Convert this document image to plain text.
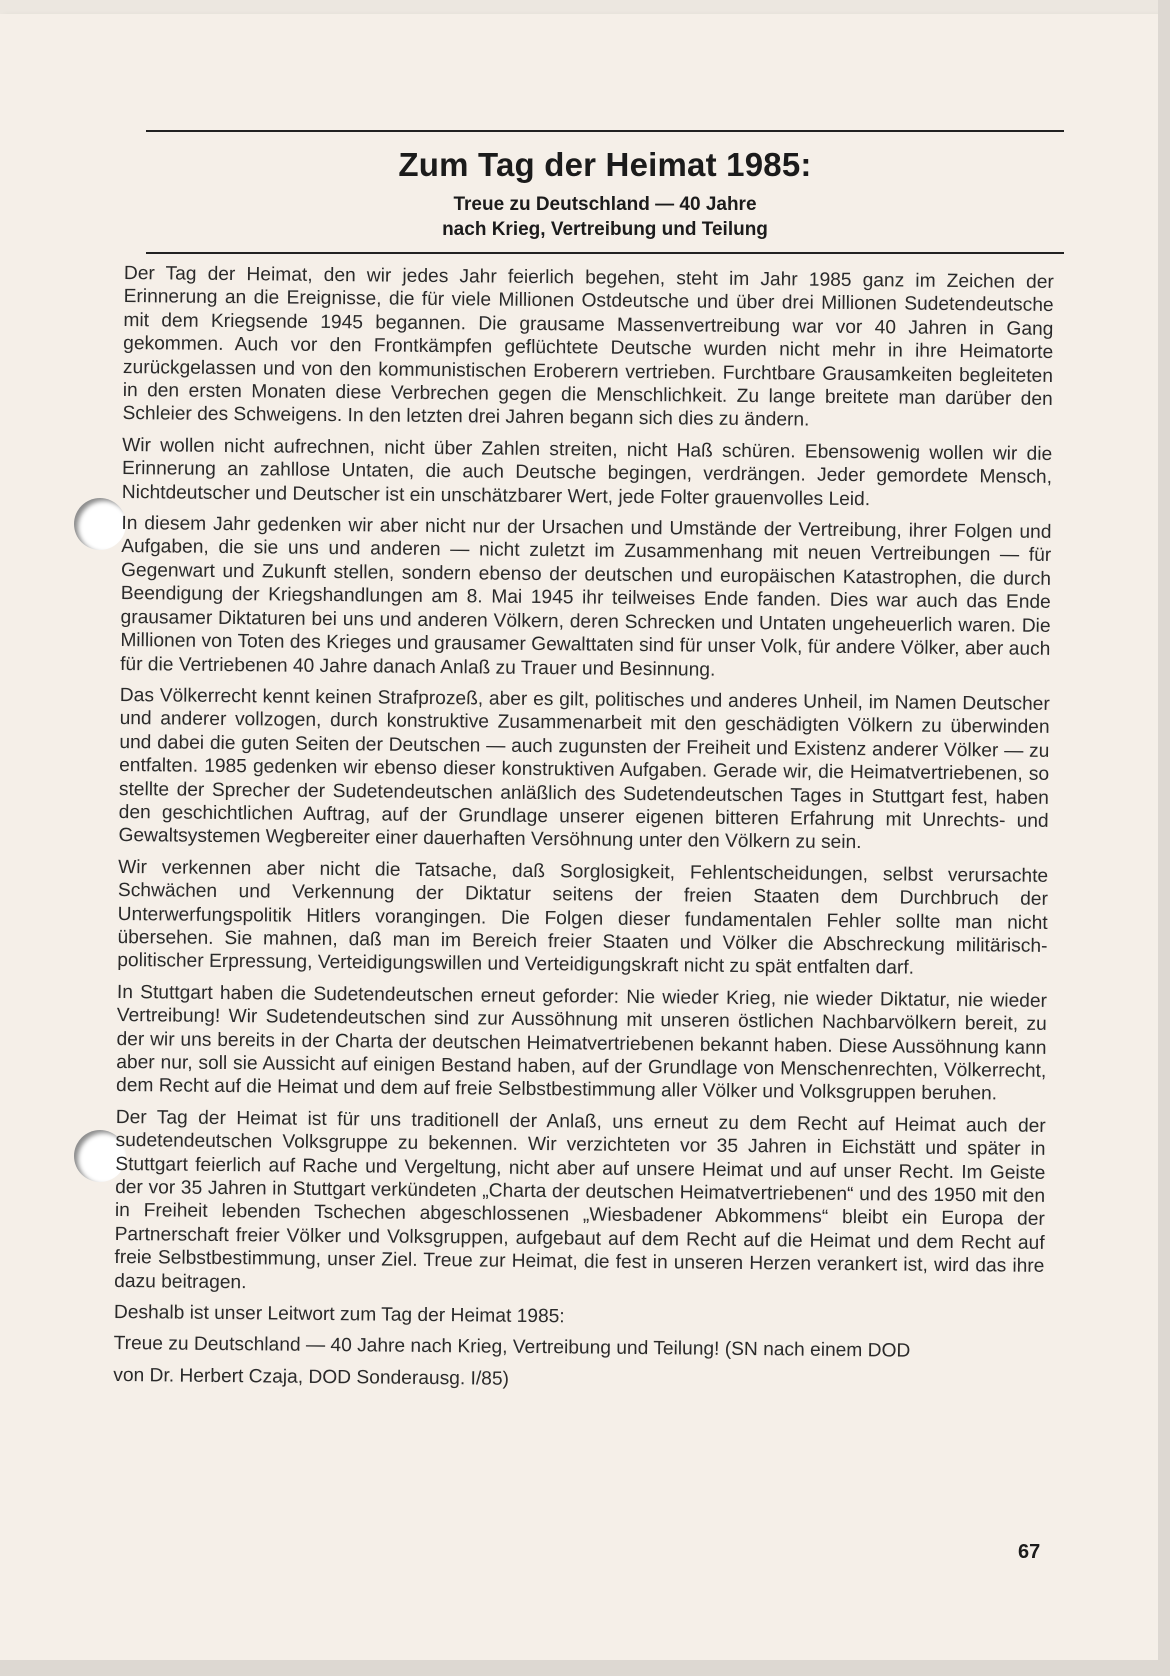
Zum Tag der Heimat 1985:
Treue zu Deutschland — 40 Jahre
nach Krieg, Vertreibung und Teilung

Der Tag der Heimat, den wir jedes Jahr feierlich begehen, steht im Jahr 1985 ganz im Zeichen der Erinnerung an die Ereignisse, die für viele Millionen Ostdeutsche und über drei Millionen Sudetendeutsche mit dem Kriegsende 1945 begannen. Die grausame Massenvertreibung war vor 40 Jahren in Gang gekommen. Auch vor den Frontkämpfen geflüchtete Deutsche wurden nicht mehr in ihre Heimatorte zurückgelassen und von den kommunistischen Eroberern vertrieben. Furchtbare Grausamkeiten begleiteten in den ersten Monaten diese Verbrechen gegen die Menschlichkeit. Zu lange breitete man darüber den Schleier des Schweigens. In den letzten drei Jahren begann sich dies zu ändern.

Wir wollen nicht aufrechnen, nicht über Zahlen streiten, nicht Haß schüren. Ebensowenig wollen wir die Erinnerung an zahllose Untaten, die auch Deutsche begingen, verdrängen. Jeder gemordete Mensch, Nichtdeutscher und Deutscher ist ein unschätzbarer Wert, jede Folter grauenvolles Leid.

In diesem Jahr gedenken wir aber nicht nur der Ursachen und Umstände der Vertreibung, ihrer Folgen und Aufgaben, die sie uns und anderen — nicht zuletzt im Zusammenhang mit neuen Vertreibungen — für Gegenwart und Zukunft stellen, sondern ebenso der deutschen und europäischen Katastrophen, die durch Beendigung der Kriegshandlungen am 8. Mai 1945 ihr teilweises Ende fanden. Dies war auch das Ende grausamer Diktaturen bei uns und anderen Völkern, deren Schrecken und Untaten ungeheuerlich waren. Die Millionen von Toten des Krieges und grausamer Gewalttaten sind für unser Volk, für andere Völker, aber auch für die Vertriebenen 40 Jahre danach Anlaß zu Trauer und Besinnung.

Das Völkerrecht kennt keinen Strafprozeß, aber es gilt, politisches und anderes Unheil, im Namen Deutscher und anderer vollzogen, durch konstruktive Zusammenarbeit mit den geschädigten Völkern zu überwinden und dabei die guten Seiten der Deutschen — auch zugunsten der Freiheit und Existenz anderer Völker — zu entfalten. 1985 gedenken wir ebenso dieser konstruktiven Aufgaben. Gerade wir, die Heimatvertriebenen, so stellte der Sprecher der Sudetendeutschen anläßlich des Sudetendeutschen Tages in Stuttgart fest, haben den geschichtlichen Auftrag, auf der Grundlage unserer eigenen bitteren Erfahrung mit Unrechts- und Gewaltsystemen Wegbereiter einer dauerhaften Versöhnung unter den Völkern zu sein.

Wir verkennen aber nicht die Tatsache, daß Sorglosigkeit, Fehlentscheidungen, selbst verursachte Schwächen und Verkennung der Diktatur seitens der freien Staaten dem Durchbruch der Unterwerfungspolitik Hitlers vorangingen. Die Folgen dieser fundamentalen Fehler sollte man nicht übersehen. Sie mahnen, daß man im Bereich freier Staaten und Völker die Abschreckung militärisch-politischer Erpressung, Verteidigungswillen und Verteidigungskraft nicht zu spät entfalten darf.

In Stuttgart haben die Sudetendeutschen erneut geforder: Nie wieder Krieg, nie wieder Diktatur, nie wieder Vertreibung! Wir Sudetendeutschen sind zur Aussöhnung mit unseren östlichen Nachbarvölkern bereit, zu der wir uns bereits in der Charta der deutschen Heimatvertriebenen bekannt haben. Diese Aussöhnung kann aber nur, soll sie Aussicht auf einigen Bestand haben, auf der Grundlage von Menschenrechten, Völkerrecht, dem Recht auf die Heimat und dem auf freie Selbstbestimmung aller Völker und Volksgruppen beruhen.

Der Tag der Heimat ist für uns traditionell der Anlaß, uns erneut zu dem Recht auf Heimat auch der sudetendeutschen Volksgruppe zu bekennen. Wir verzichteten vor 35 Jahren in Eichstätt und später in Stuttgart feierlich auf Rache und Vergeltung, nicht aber auf unsere Heimat und auf unser Recht. Im Geiste der vor 35 Jahren in Stuttgart verkündeten „Charta der deutschen Heimatvertriebenen“ und des 1950 mit den in Freiheit lebenden Tschechen abgeschlossenen „Wiesbadener Abkommens“ bleibt ein Europa der Partnerschaft freier Völker und Volksgruppen, aufgebaut auf dem Recht auf die Heimat und dem Recht auf freie Selbstbestimmung, unser Ziel. Treue zur Heimat, die fest in unseren Herzen verankert ist, wird das ihre dazu beitragen.

Deshalb ist unser Leitwort zum Tag der Heimat 1985:

Treue zu Deutschland — 40 Jahre nach Krieg, Vertreibung und Teilung! (SN nach einem DOD

von Dr. Herbert Czaja, DOD Sonderausg. I/85)

67
